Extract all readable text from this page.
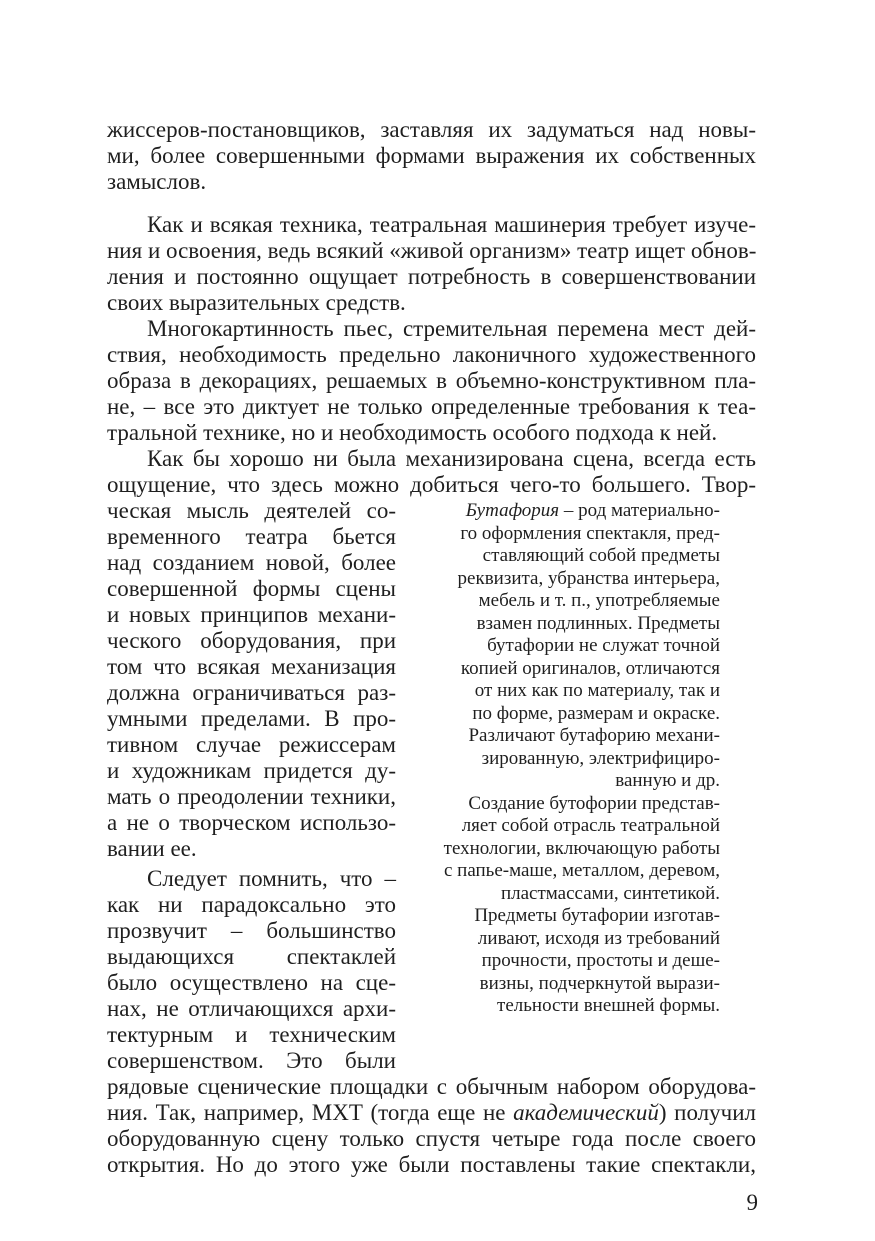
жиссеров-постановщиков, заставляя их задуматься над новы-
ми, более совершенными формами выражения их собственных
замыслов.
Как и всякая техника, театральная машинерия требует изуче-
ния и освоения, ведь всякий «живой организм» театр ищет обнов-
ления и постоянно ощущает потребность в совершенствовании
своих выразительных средств.
Многокартинность пьес, стремительная перемена мест дей-
ствия, необходимость предельно лаконичного художественного
образа в декорациях, решаемых в объемно-конструктивном пла-
не, – все это диктует не только определенные требования к теа-
тральной технике, но и необходимость особого подхода к ней.
Как бы хорошо ни была механизирована сцена, всегда есть
ощущение, что здесь можно добиться чего-то большего. Твор-
ческая мысль деятелей со-
временного театра бьется
над созданием новой, более
совершенной формы сцены
и новых принципов механи-
ческого оборудования, при
том что всякая механизация
должна ограничиваться раз-
умными пределами. В про-
тивном случае режиссерам
и художникам придется ду-
мать о преодолении техники,
а не о творческом использо-
вании ее.
Следует помнить, что –
как ни парадоксально это
прозвучит – большинство
выдающихся спектаклей
было осуществлено на сце-
нах, не отличающихся архи-
тектурным и техническим
совершенством. Это были
Бутафория – род материально-
го оформления спектакля, пред-
ставляющий собой предметы
реквизита, убранства интерьера,
мебель и т. п., употребляемые
взамен подлинных. Предметы
бутафории не служат точной
копией оригиналов, отличаются
от них как по материалу, так и
по форме, размерам и окраске.
Различают бутафорию механи-
зированную, электрифициро-
ванную и др.
Создание бутофории представ-
ляет собой отрасль театральной
технологии, включающую работы
с папье-маше, металлом, деревом,
пластмассами, синтетикой.
Предметы бутафории изготав-
ливают, исходя из требований
прочности, простоты и деше-
визны, подчеркнутой вырази-
тельности внешней формы.
рядовые сценические площадки с обычным набором оборудова-
ния. Так, например, МХТ (тогда еще не академический) получил
оборудованную сцену только спустя четыре года после своего
открытия. Но до этого уже были поставлены такие спектакли,
9
